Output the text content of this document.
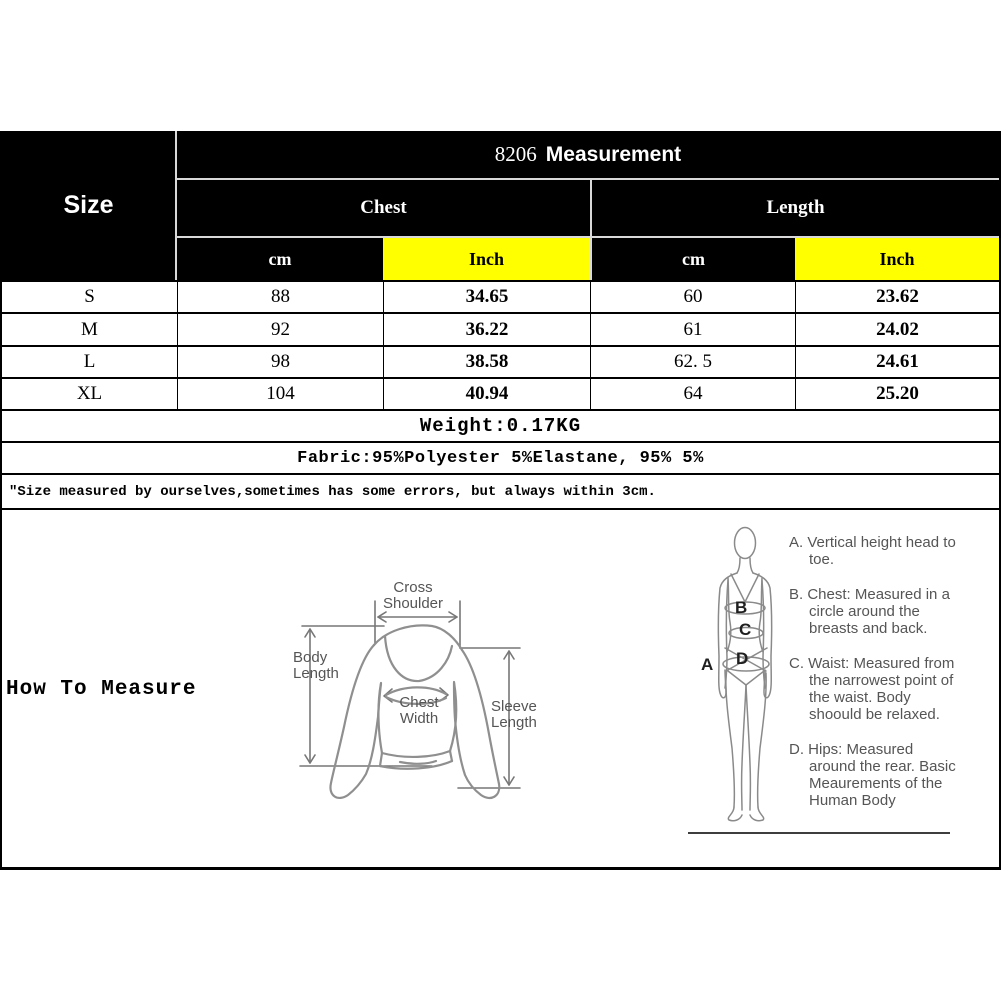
Size
8206 Measurement
Chest	Length
cm	Inch	cm	Inch
S	88	34.65	60	23.62
M	92	36.22	61	24.02
L	98	38.58	62. 5	24.61
XL	104	40.94	64	25.20
Weight:0.17KG
Fabric:95%Polyester 5%Elastane, 95% 5%
″Size measured by ourselves,sometimes has some errors, but always within 3cm.
How To Measure
Cross
Shoulder
Body
Length
Chest
Width
Sleeve
Length
A
B
C
D
A. Vertical height head to toe.
B. Chest: Measured in a circle around the breasts and back.
C. Waist: Measured from the narrowest point of the waist. Body shoould be relaxed.
D. Hips: Measured around the rear. Basic Meaurements of the Human Body
